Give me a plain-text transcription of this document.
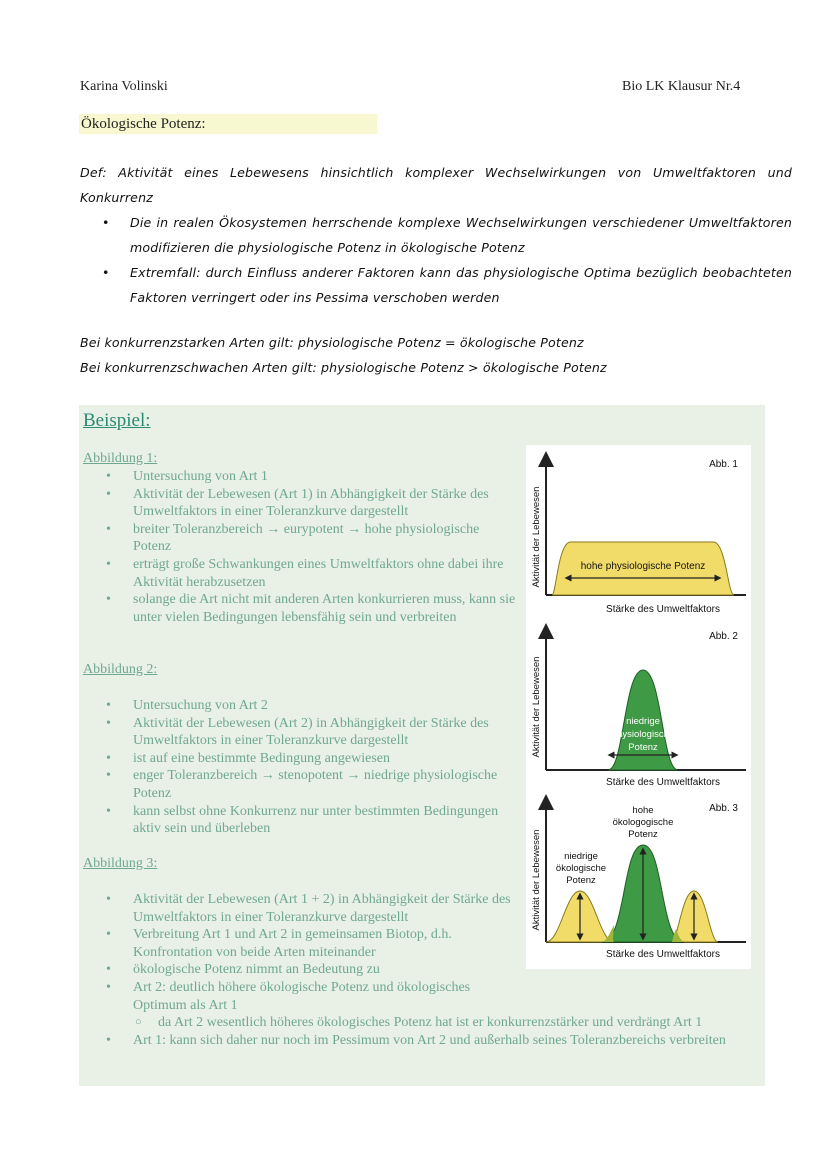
Karina Volinski	Bio LK Klausur Nr.4
Ökologische Potenz:
Def: Aktivität eines Lebewesens hinsichtlich komplexer Wechselwirkungen von Umweltfaktoren und Konkurrenz
• Die in realen Ökosystemen herrschende komplexe Wechselwirkungen verschiedener Umweltfaktoren modifizieren die physiologische Potenz in ökologische Potenz
• Extremfall: durch Einfluss anderer Faktoren kann das physiologische Optima bezüglich beobachteten Faktoren verringert oder ins Pessima verschoben werden
Bei konkurrenzstarken Arten gilt: physiologische Potenz = ökologische Potenz
Bei konkurrenzschwachen Arten gilt: physiologische Potenz > ökologische Potenz
Beispiel:
Abbildung 1:
• Untersuchung von Art 1
• Aktivität der Lebewesen (Art 1) in Abhängigkeit der Stärke des Umweltfaktors in einer Toleranzkurve dargestellt
• breiter Toleranzbereich → eurypotent → hohe physiologische Potenz
• erträgt große Schwankungen eines Umweltfaktors ohne dabei ihre Aktivität herabzusetzen
• solange die Art nicht mit anderen Arten konkurrieren muss, kann sie unter vielen Bedingungen lebensfähig sein und verbreiten
Abbildung 2:
• Untersuchung von Art 2
• Aktivität der Lebewesen (Art 2) in Abhängigkeit der Stärke des Umweltfaktors in einer Toleranzkurve dargestellt
• ist auf eine bestimmte Bedingung angewiesen
• enger Toleranzbereich → stenopotent → niedrige physiologische Potenz
• kann selbst ohne Konkurrenz nur unter bestimmten Bedingungen aktiv sein und überleben
Abbildung 3:
• Aktivität der Lebewesen (Art 1 + 2) in Abhängigkeit der Stärke des Umweltfaktors in einer Toleranzkurve dargestellt
• Verbreitung Art 1 und Art 2 in gemeinsamen Biotop, d.h. Konfrontation von beide Arten miteinander
• ökologische Potenz nimmt an Bedeutung zu
• Art 2: deutlich höhere ökologische Potenz und ökologisches Optimum als Art 1
○ da Art 2 wesentlich höheres ökologisches Potenz hat ist er konkurrenzstärker und verdrängt Art 1
• Art 1: kann sich daher nur noch im Pessimum von Art 2 und außerhalb seines Toleranzbereichs verbreiten
hohe physiologische Potenz
Abb. 1
Stärke des Umweltfaktors
Aktivität der Lebewesen
niedrige
physiologische
Potenz
Abb. 2
Stärke des Umweltfaktors
Aktivität der Lebewesen
hohe
ökologogische
Potenz
niedrige
ökologische
Potenz
Abb. 3
Stärke des Umweltfaktors
Aktivität der Lebewesen
